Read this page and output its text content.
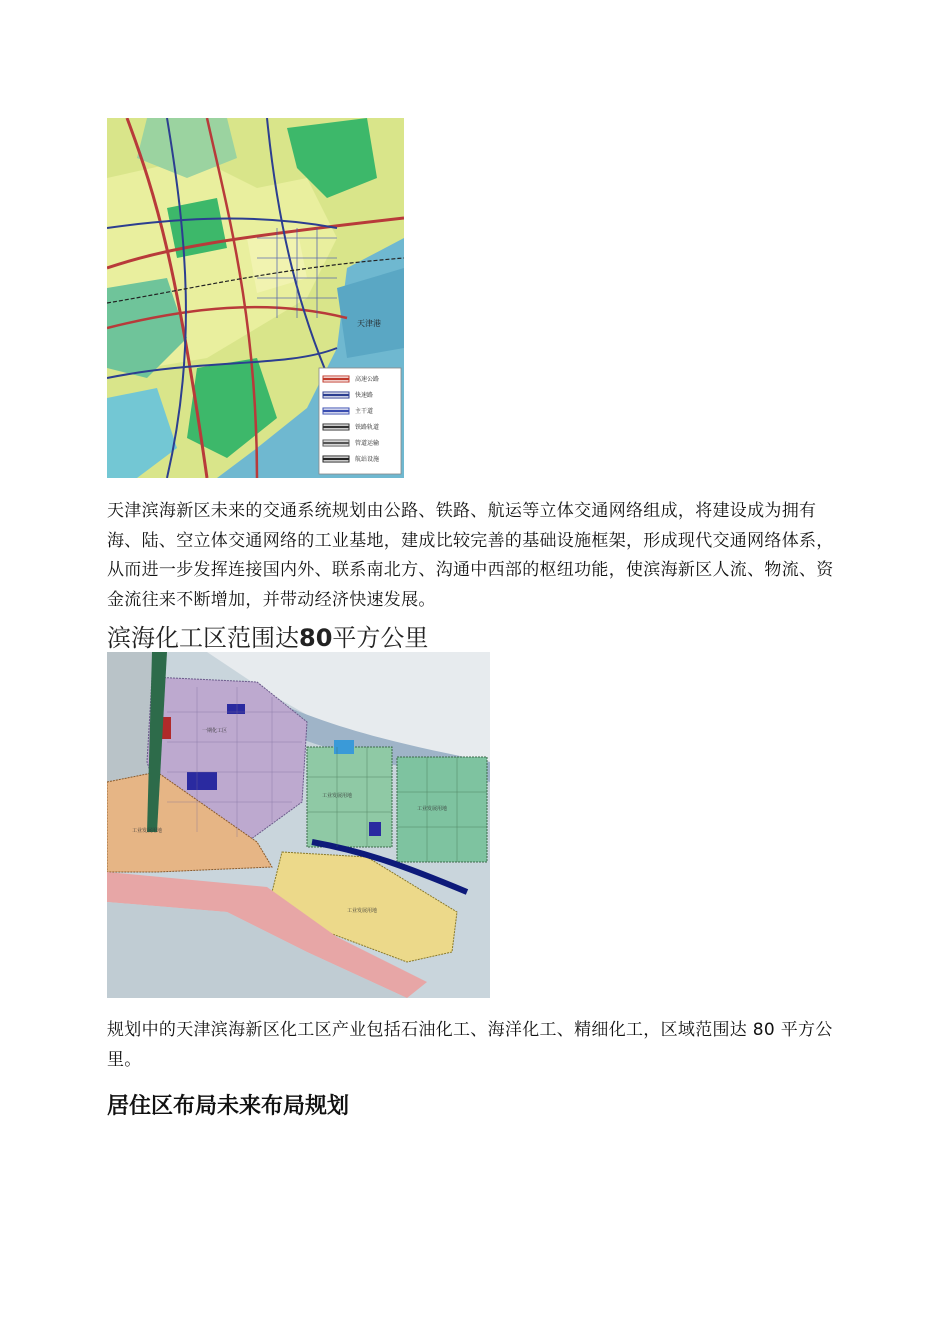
天津港
高速公路
快速路
主干道
铁路轨道
管道运输
航站设施

天津滨海新区未来的交通系统规划由公路、铁路、航运等立体交通网络组成，将建设成为拥有海、陆、空立体交通网络的工业基地，建成比较完善的基础设施框架，形成现代交通网络体系，从而进一步发挥连接国内外、联系南北方、沟通中西部的枢纽功能，使滨海新区人流、物流、资金流往来不断增加，并带动经济快速发展。

滨海化工区范围达80平方公里
一期化工区
工业发展用地
工业发展用地
工业发展用地
工业发展用地

规划中的天津滨海新区化工区产业包括石油化工、海洋化工、精细化工，区域范围达 80 平方公里。

居住区布局未来布局规划
